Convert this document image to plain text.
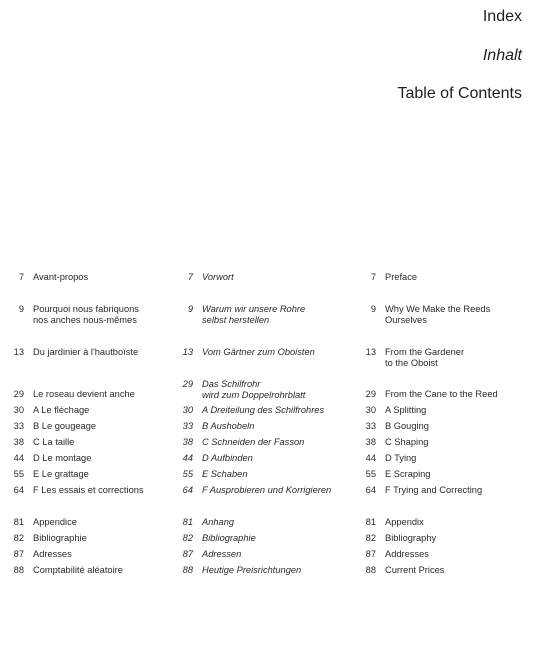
Index
Inhalt
Table of Contents
7 Avant-propos
9 Pourquoi nous fabriquons
nos anches nous-mêmes
13 Du jardinier à l'hautboïste
29 Le roseau devient anche
30 A Le fléchage
33 B Le gougeage
38 C La taille
44 D Le montage
55 E Le grattage
64 F Les essais et corrections
81 Appendice
82 Bibliographie
87 Adresses
88 Comptabilité aléatoire
7 Vorwort
9 Warum wir unsere Rohre
selbst herstellen
13 Vom Gärtner zum Oboisten
29 Das Schilfrohr
wird zum Doppelrohrblatt
30 A Dreiteilung des Schilfrohres
33 B Aushobeln
38 C Schneiden der Fasson
44 D Aufbinden
55 E Schaben
64 F Ausprobieren und Korrigieren
81 Anhang
82 Bibliographie
87 Adressen
88 Heutige Preisrichtungen
7 Preface
9 Why We Make the Reeds
Ourselves
13 From the Gardener
to the Oboist
29 From the Cane to the Reed
30 A Splitting
33 B Gouging
38 C Shaping
44 D Tying
55 E Scraping
64 F Trying and Correcting
81 Appendix
82 Bibliography
87 Addresses
88 Current Prices
